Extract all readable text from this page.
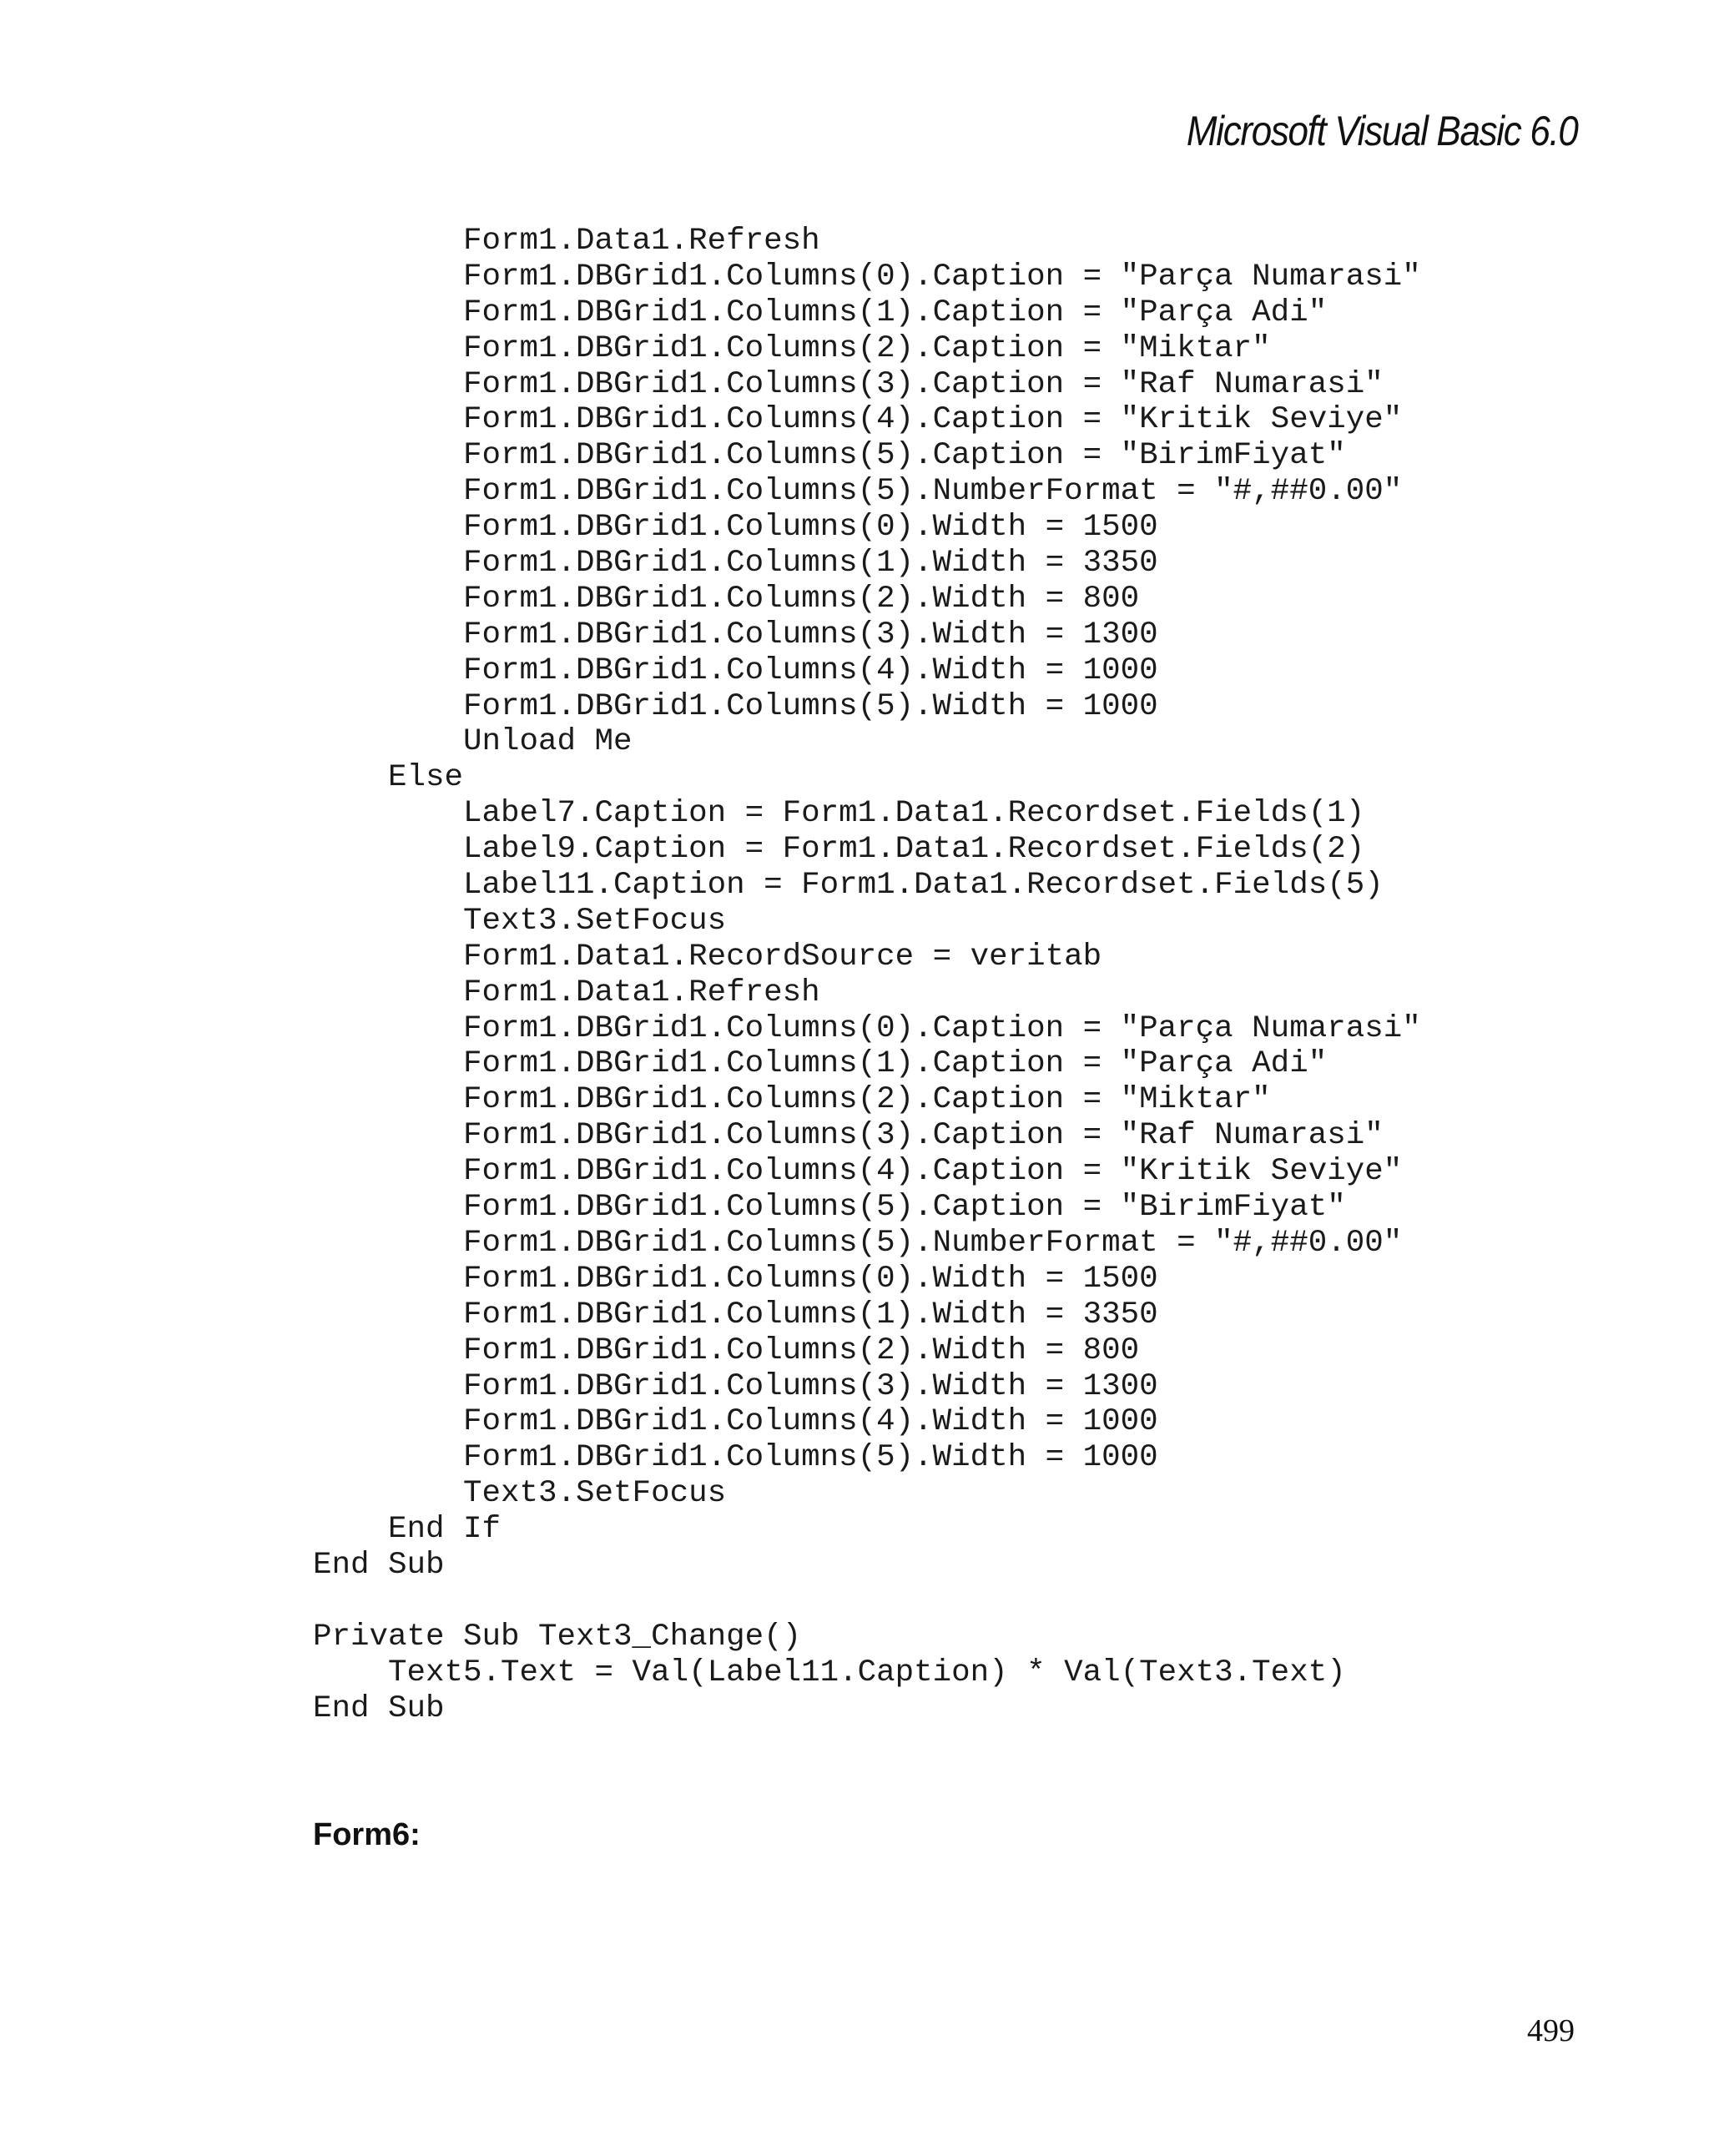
Microsoft Visual Basic 6.0
Form1.Data1.Refresh
Form1.DBGrid1.Columns(0).Caption = "Parça Numarasi"
Form1.DBGrid1.Columns(1).Caption = "Parça Adi"
Form1.DBGrid1.Columns(2).Caption = "Miktar"
Form1.DBGrid1.Columns(3).Caption = "Raf Numarasi"
Form1.DBGrid1.Columns(4).Caption = "Kritik Seviye"
Form1.DBGrid1.Columns(5).Caption = "BirimFiyat"
Form1.DBGrid1.Columns(5).NumberFormat = "#,##0.00"
Form1.DBGrid1.Columns(0).Width = 1500
Form1.DBGrid1.Columns(1).Width = 3350
Form1.DBGrid1.Columns(2).Width = 800
Form1.DBGrid1.Columns(3).Width = 1300
Form1.DBGrid1.Columns(4).Width = 1000
Form1.DBGrid1.Columns(5).Width = 1000
Unload Me
Else
Label7.Caption = Form1.Data1.Recordset.Fields(1)
Label9.Caption = Form1.Data1.Recordset.Fields(2)
Label11.Caption = Form1.Data1.Recordset.Fields(5)
Text3.SetFocus
Form1.Data1.RecordSource = veritab
Form1.Data1.Refresh
Form1.DBGrid1.Columns(0).Caption = "Parça Numarasi"
Form1.DBGrid1.Columns(1).Caption = "Parça Adi"
Form1.DBGrid1.Columns(2).Caption = "Miktar"
Form1.DBGrid1.Columns(3).Caption = "Raf Numarasi"
Form1.DBGrid1.Columns(4).Caption = "Kritik Seviye"
Form1.DBGrid1.Columns(5).Caption = "BirimFiyat"
Form1.DBGrid1.Columns(5).NumberFormat = "#,##0.00"
Form1.DBGrid1.Columns(0).Width = 1500
Form1.DBGrid1.Columns(1).Width = 3350
Form1.DBGrid1.Columns(2).Width = 800
Form1.DBGrid1.Columns(3).Width = 1300
Form1.DBGrid1.Columns(4).Width = 1000
Form1.DBGrid1.Columns(5).Width = 1000
Text3.SetFocus
End If
End Sub
Private Sub Text3_Change()
Text5.Text = Val(Label11.Caption) * Val(Text3.Text)
End Sub
Form6:
499
